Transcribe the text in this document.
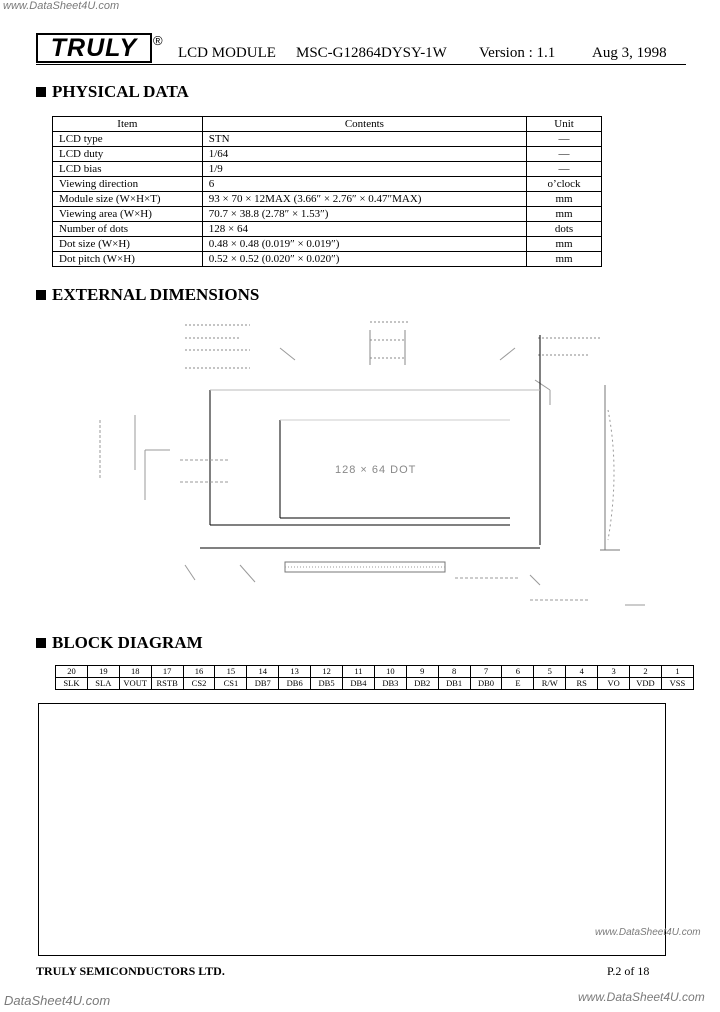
www.DataSheet4U.com
TRULY	®
LCD MODULE MSC-G12864DYSY-1W Version : 1.1 Aug 3, 1998
PHYSICAL DATA
Item	Contents	Unit
LCD type	STN	—
LCD duty	1/64	—
LCD bias	1/9	—
Viewing direction	6	o’clock
Module size (W×H×T)	93 × 70 × 12MAX (3.66″ × 2.76″ × 0.47″MAX)	mm
Viewing area (W×H)	70.7 × 38.8 (2.78″ × 1.53″)	mm
Number of dots	128 × 64	dots
Dot size (W×H)	0.48 × 0.48 (0.019″ × 0.019″)	mm
Dot pitch (W×H)	0.52 × 0.52 (0.020″ × 0.020″)	mm
EXTERNAL DIMENSIONS
128 × 64 DOT
BLOCK DIAGRAM
20	19	18	17	16	15	14	13	12	11	10	9	8	7	6	5	4	3	2	1
SLK	SLA	VOUT	RSTB	CS2	CS1	DB7	DB6	DB5	DB4	DB3	DB2	DB1	DB0	E	R/W	RS	VO	VDD	VSS
www.DataSheet4U.com
TRULY SEMICONDUCTORS LTD.	P.2 of 18
DataSheet4U.com	www.DataSheet4U.com
